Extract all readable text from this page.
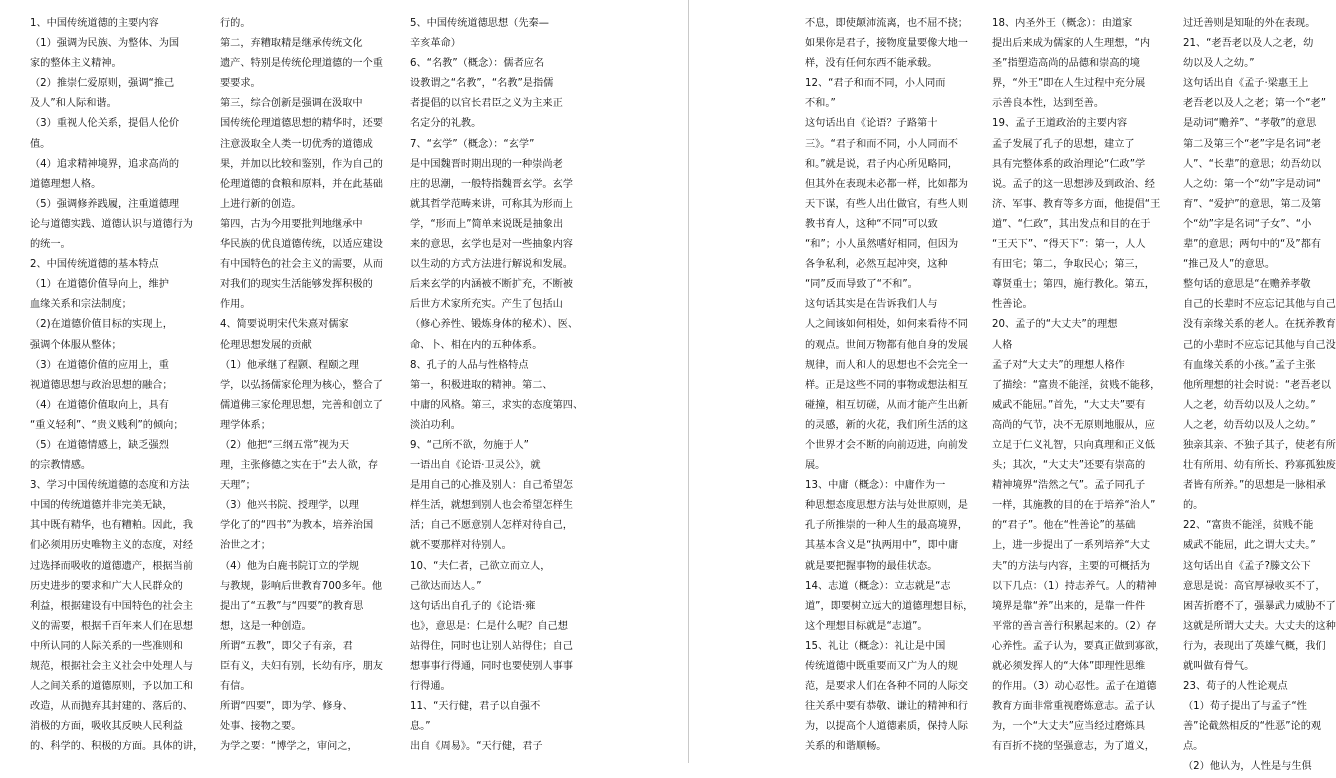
1、中国传统道德的主要内容
（1）强调为民族、为整体、为国
家的整体主义精神。
（2）推崇仁爱原则，强调“推己
及人”和人际和谐。
（3）重视人伦关系，提倡人伦价
值。
（4）追求精神境界，追求高尚的
道德理想人格。
（5）强调修养践履，注重道德理
论与道德实践、道德认识与道德行为
的统一。
2、中国传统道德的基本特点
（1）在道德价值导向上，维护
血缘关系和宗法制度；
（2)在道德价值目标的实现上，
强调个体服从整体；
（3）在道德价值的应用上，重
视道德思想与政治思想的融合；
（4）在道德价值取向上，具有
“重义轻利”、“贵义贱利”的倾向；
（5）在道德情感上，缺乏强烈
的宗教情感。
3、学习中国传统道德的态度和方法
中国的传统道德并非完美无缺，
其中既有精华，也有糟粕。因此，我
们必须用历史唯物主义的态度，对经
过选择而吸收的道德遗产，根据当前
历史进步的要求和广大人民群众的
利益，根据建设有中国特色的社会主
义的需要，根据千百年来人们在思想
中所认同的人际关系的一些准则和
规范，根据社会主义社会中处理人与
人之间关系的道德原则，予以加工和
改造，从而抛弃其封建的、落后的、
消极的方面，吸收其反映人民利益
的、科学的、积极的方面。具体的讲，
行的。
第二，弃糟取精是继承传统文化
遗产、特别是传统伦理道德的一个重
要要求。
第三，综合创新是强调在汲取中
国传统伦理道德思想的精华时，还要
注意汲取全人类一切优秀的道德成
果，并加以比较和鉴别，作为自己的
伦理道德的食粮和原料，并在此基础
上进行新的创造。
第四，古为今用要批判地继承中
华民族的优良道德传统，以适应建设
有中国特色的社会主义的需要，从而
对我们的现实生活能够发挥积极的
作用。
4、简要说明宋代朱熹对儒家
伦理思想发展的贡献
（1）他承继了程颢、程颐之理
学，以弘扬儒家伦理为核心，整合了
儒道佛三家伦理思想，完善和创立了
理学体系；
（2）他把“三纲五常”视为天
理，主张修德之实在于“去人欲，存
天理”；
（3）他兴书院、授理学，以理
学化了的“四书”为教本，培养治国
治世之才；
（4）他为白鹿书院订立的学规
与教规，影响后世教育700多年。他
提出了“五教”与“四要”的教育思
想，这是一种创造。
所谓“五教”，即父子有亲，君
臣有义，夫妇有别，长幼有序，朋友
有信。
所谓“四要”，即为学、修身、
处事、接物之要。
为学之要：“博学之，审问之，
5、中国传统道德思想（先秦—
辛亥革命）
6、“名教”（概念）：儒者应名
设教谓之“名教”，“名教”是指儒
者提倡的以官长君臣之义为主来正
名定分的礼教。
7、“玄学”（概念）：“玄学”
是中国魏晋时期出现的一种崇尚老
庄的思潮，一般特指魏晋玄学。玄学
就其哲学范畴来讲，可称其为形而上
学，“形而上”简单来说既是抽象出
来的意思，玄学也是对一些抽象内容
以生动的方式方法进行解说和发展。
后来玄学的内涵被不断扩充，不断被
后世方术家所充实。产生了包括山
（修心养性、锻炼身体的秘术）、医、
命、卜、相在内的五种体系。
8、孔子的人品与性格特点
第一，积极进取的精神。第二、
中庸的风格。第三，求实的态度第四、
淡泊功利。
9、“己所不欲，勿施于人”
一语出自《论语·卫灵公》，就
是用自己的心推及别人：自己希望怎
样生活，就想到别人也会希望怎样生
活；自己不愿意别人怎样对待自己，
就不要那样对待别人。
10、“夫仁者，己欲立而立人，
己欲达而达人。”
这句话出自孔子的《论语·雍
也》，意思是：仁是什么呢？自己想
站得住，同时也让别人站得住；自己
想事事行得通，同时也要使别人事事
行得通。
11、“天行健，君子以自强不
息。”
出自《周易》。“天行健，君子
不息，即使颠沛流离，也不屈不挠；
如果你是君子，接物度量要像大地一
样，没有任何东西不能承载。
12、“君子和而不同，小人同而
不和。”
这句话出自《论语？子路第十
三》。“君子和而不同，小人同而不
和。”就是说，君子内心所见略同，
但其外在表现未必都一样，比如都为
天下谋，有些人出仕做官，有些人则
教书育人，这种“不同”可以致
“和”；小人虽然嗜好相同，但因为
各争私利，必然互起冲突，这种
“同”反而导致了“不和”。
这句话其实是在告诉我们人与
人之间该如何相处，如何来看待不同
的观点。世间万物都有他自身的发展
规律，而人和人的思想也不会完全一
样。正是这些不同的事物或想法相互
碰撞，相互切磋，从而才能产生出新
的灵感，新的火花，我们所生活的这
个世界才会不断的向前迈进，向前发
展。
13、中庸（概念）：中庸作为一
种思想态度思想方法与处世原则，是
孔子所推崇的一种人生的最高境界，
其基本含义是“执两用中”，即中庸
就是要把握事物的最佳状态。
14、志道（概念）：立志就是“志
道”，即要树立远大的道德理想目标，
这个理想目标就是“志道”。
15、礼让（概念）：礼让是中国
传统道德中既重要而又广为人的规
范，是要求人们在各种不同的人际交
往关系中要有恭敬、谦让的精神和行
为，以提高个人道德素质，保持人际
关系的和谐顺畅。
18、内圣外王（概念）：由道家
提出后来成为儒家的人生理想，“内
圣”指塑造高尚的品德和崇高的境
界，“外王”即在人生过程中充分展
示善良本性，达到至善。
19、孟子王道政治的主要内容
孟子发展了孔子的思想，建立了
具有完整体系的政治理论“仁政”学
说。孟子的这一思想涉及到政治、经
济、军事、教育等多方面，他提倡“王
道”、“仁政”，其出发点和目的在于
“王天下”、“得天下”：第一，人人
有田宅；第二，争取民心；第三，
尊贤重士；第四，施行教化。第五，
性善论。
20、孟子的“大丈夫”的理想
人格
孟子对“大丈夫”的理想人格作
了描绘：“富贵不能淫，贫贱不能移，
威武不能屈。”首先，“大丈夫”要有
高尚的气节，决不无原则地服从，应
立足于仁义礼智，只向真理和正义低
头；其次，“大丈夫”还要有崇高的
精神境界“浩然之气”。孟子同孔子
一样，其施教的目的在于培养“治人”
的“君子”。他在“性善论”的基础
上，进一步提出了一系列培养“大丈
夫”的方法与内容，主要的可概括为
以下几点：（1）持志养气。人的精神
境界是靠“养”出来的，是靠一件件
平常的善言善行积累起来的。（2）存
心养性。孟子认为，要真正做到寡欲，
就必须发挥人的“大体”即理性思维
的作用。（3）动心忍性。孟子在道德
教育方面非常重视磨炼意志。孟子认
为，一个“大丈夫”应当经过磨炼具
有百折不挠的坚强意志，为了道义，
过迁善则是知耻的外在表现。
21、“老吾老以及人之老，幼
幼以及人之幼。”
这句话出自《孟子·梁惠王上
老吾老以及人之老；第一个“老”
是动词“赡养”、“孝敬”的意思
第二及第三个“老”字是名词“老
人”、“长辈”的意思；幼吾幼以
人之幼：第一个“幼”字是动词“
育”、“爱护”的意思，第二及第
个“幼”字是名词“子女”、“小
辈”的意思；两句中的“及”都有
“推己及人”的意思。
整句话的意思是“在赡养孝敬
自己的长辈时不应忘记其他与自己
没有亲缘关系的老人。在抚养教育
己的小辈时不应忘记其他与自己没
有血缘关系的小孩。”孟子主张
他所理想的社会时说：“老吾老以
人之老，幼吾幼以及人之幼。”
人之老，幼吾幼以及人之幼。”
独亲其亲、不独子其子，使老有所
壮有所用、幼有所长、矜寡孤独废
者皆有所养。”的思想是一脉相承
的。
22、“富贵不能淫，贫贱不能
威武不能屈，此之谓大丈夫。”
这句话出自《孟子?滕文公下
意思是说：高官厚禄收买不了，
困苦折磨不了，强暴武力威胁不了
这就是所谓大丈夫。大丈夫的这种
行为，表现出了英雄气概，我们
就叫做有骨气。
23、荀子的人性论观点
（1）荀子提出了与孟子“性
善”论截然相反的“性恶”论的观
点。
（2）他认为，人性是与生俱
